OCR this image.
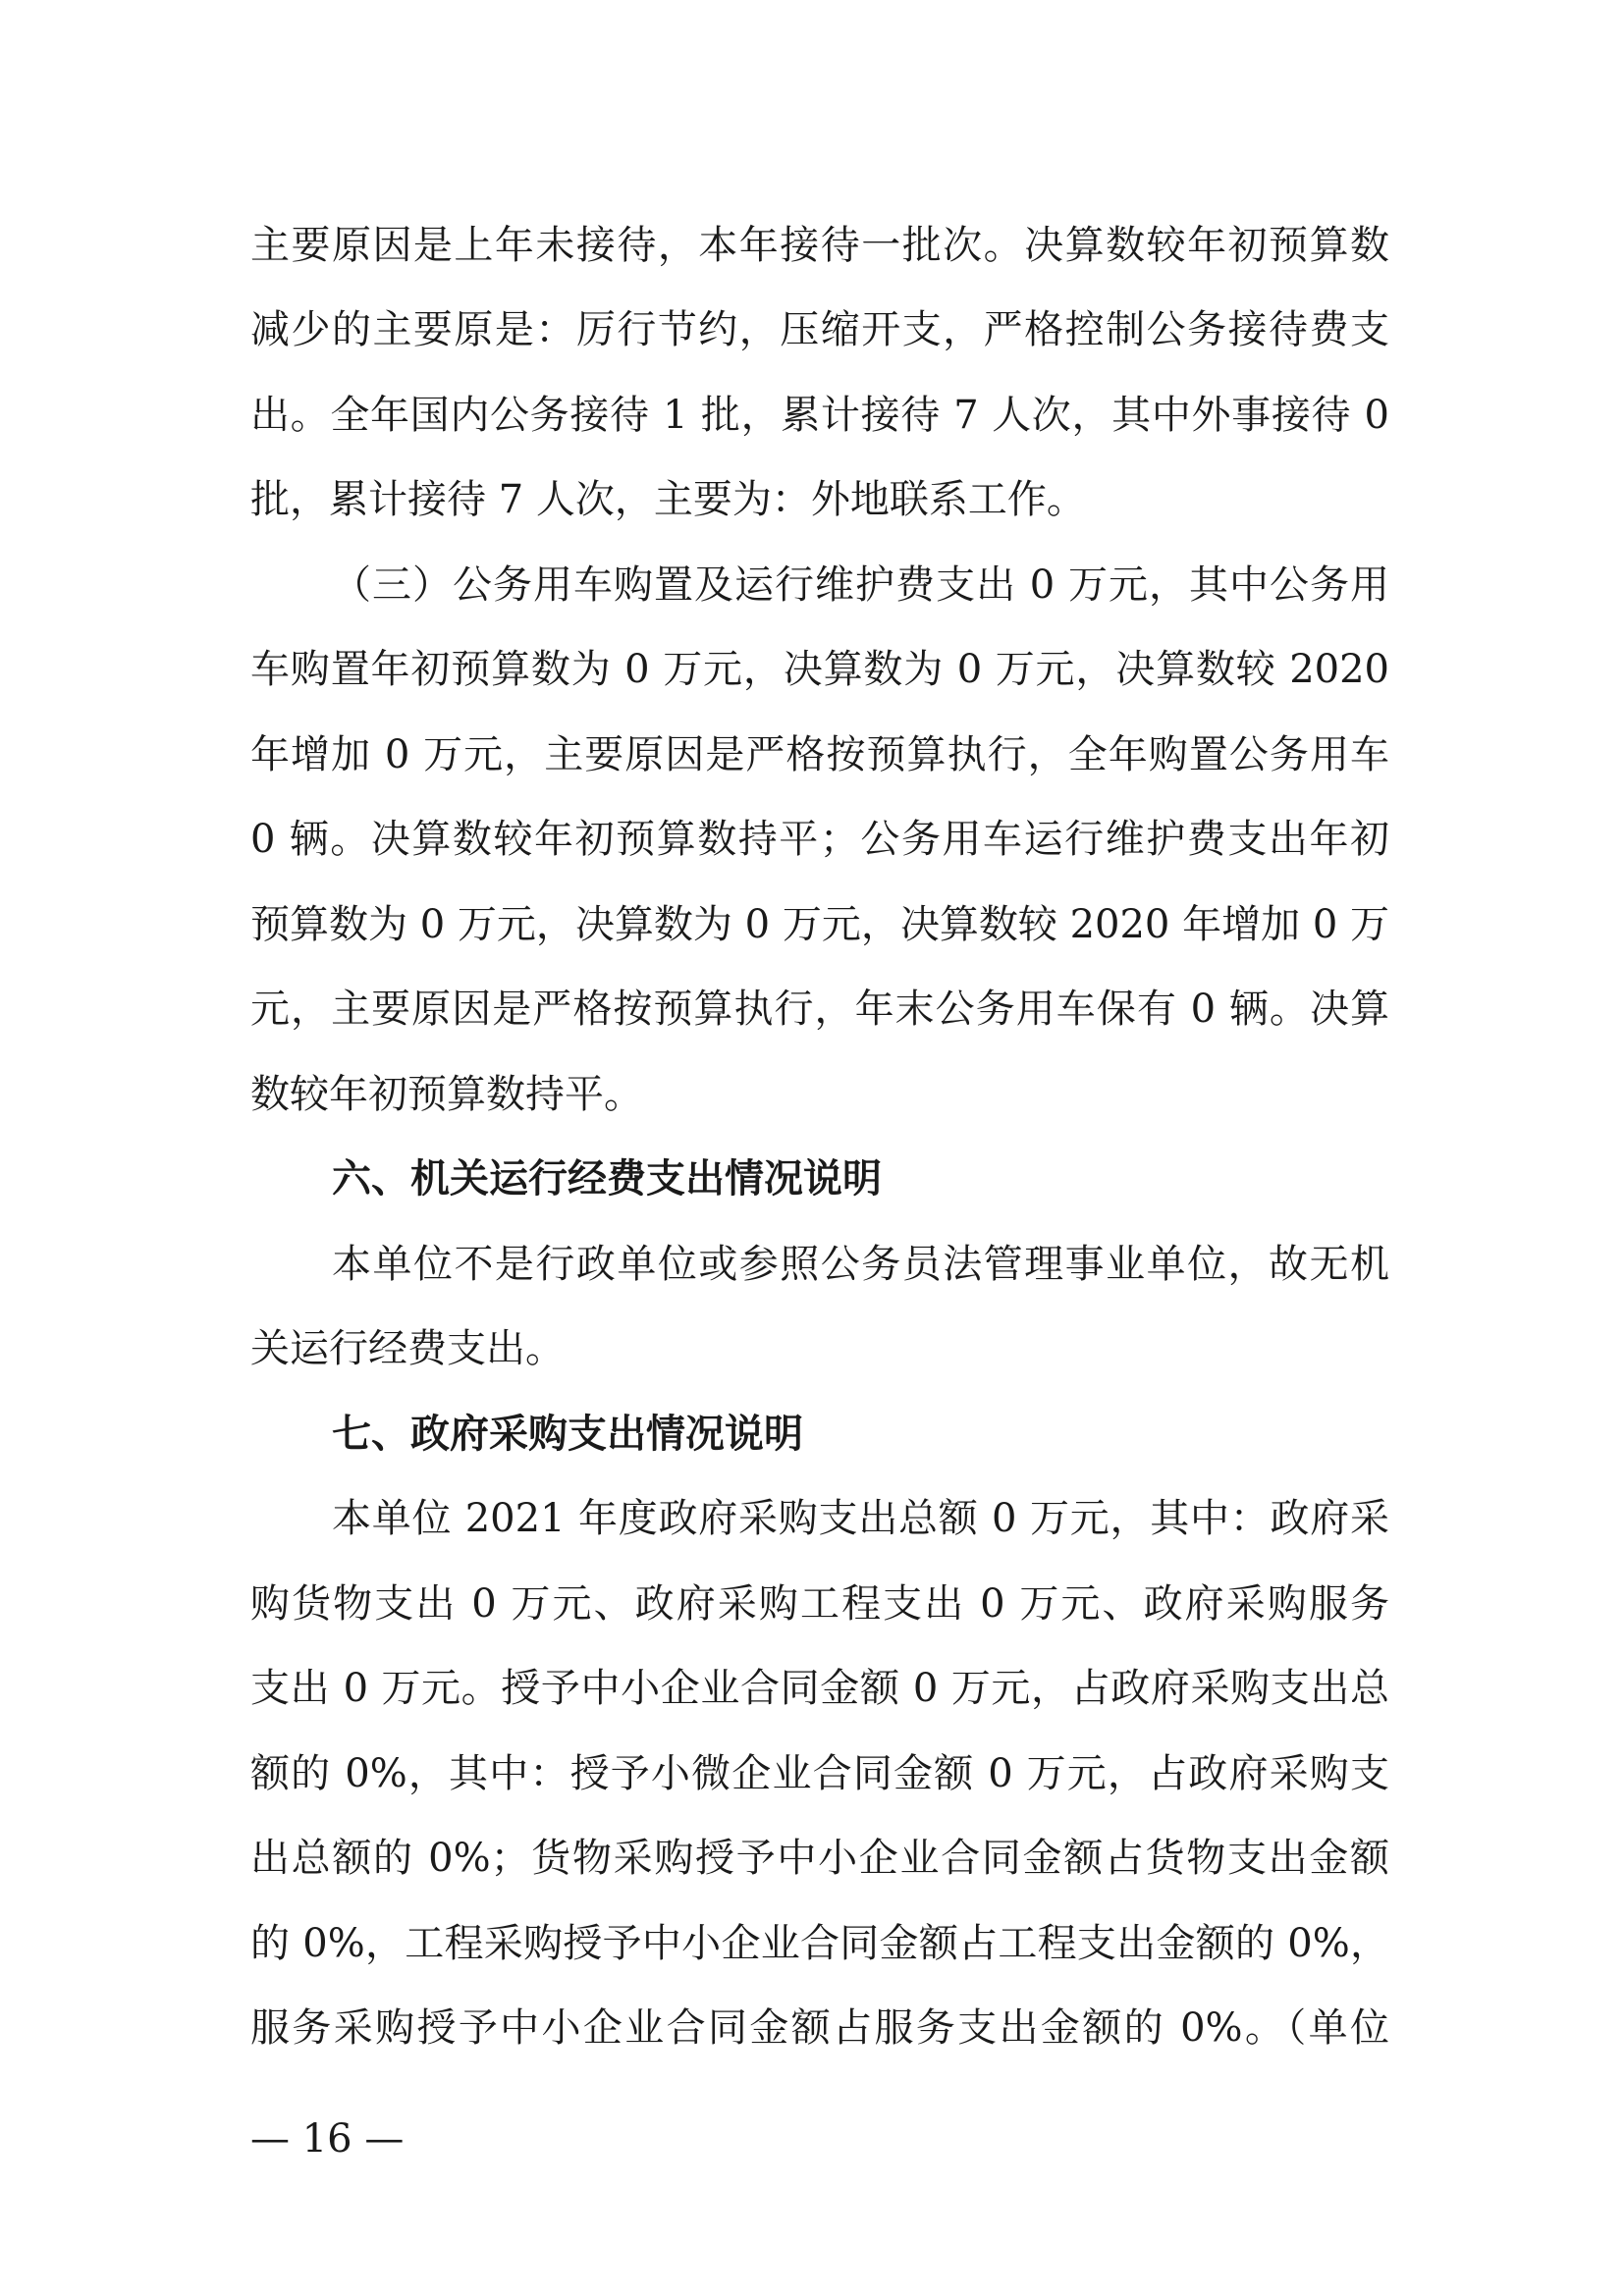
主要原因是上年未接待，本年接待一批次。决算数较年初预算数
减少的主要原是：厉行节约，压缩开支，严格控制公务接待费支
出。全年国内公务接待 1 批，累计接待 7 人次，其中外事接待 0
批，累计接待 7 人次，主要为：外地联系工作。
（三）公务用车购置及运行维护费支出 0 万元，其中公务用
车购置年初预算数为 0 万元，决算数为 0 万元，决算数较 2020
年增加 0 万元，主要原因是严格按预算执行，全年购置公务用车
0 辆。决算数较年初预算数持平；公务用车运行维护费支出年初
预算数为 0 万元，决算数为 0 万元，决算数较 2020 年增加 0 万
元，主要原因是严格按预算执行，年末公务用车保有 0 辆。决算
数较年初预算数持平。
六、机关运行经费支出情况说明
本单位不是行政单位或参照公务员法管理事业单位，故无机
关运行经费支出。
七、政府采购支出情况说明
本单位 2021 年度政府采购支出总额 0 万元，其中：政府采
购货物支出 0 万元、政府采购工程支出 0 万元、政府采购服务
支出 0 万元。授予中小企业合同金额 0 万元，占政府采购支出总
额的 0%，其中：授予小微企业合同金额 0 万元，占政府采购支
出总额的 0%；货物采购授予中小企业合同金额占货物支出金额
的 0%，工程采购授予中小企业合同金额占工程支出金额的 0%，
服务采购授予中小企业合同金额占服务支出金额的 0%。（单位
— 16 —
